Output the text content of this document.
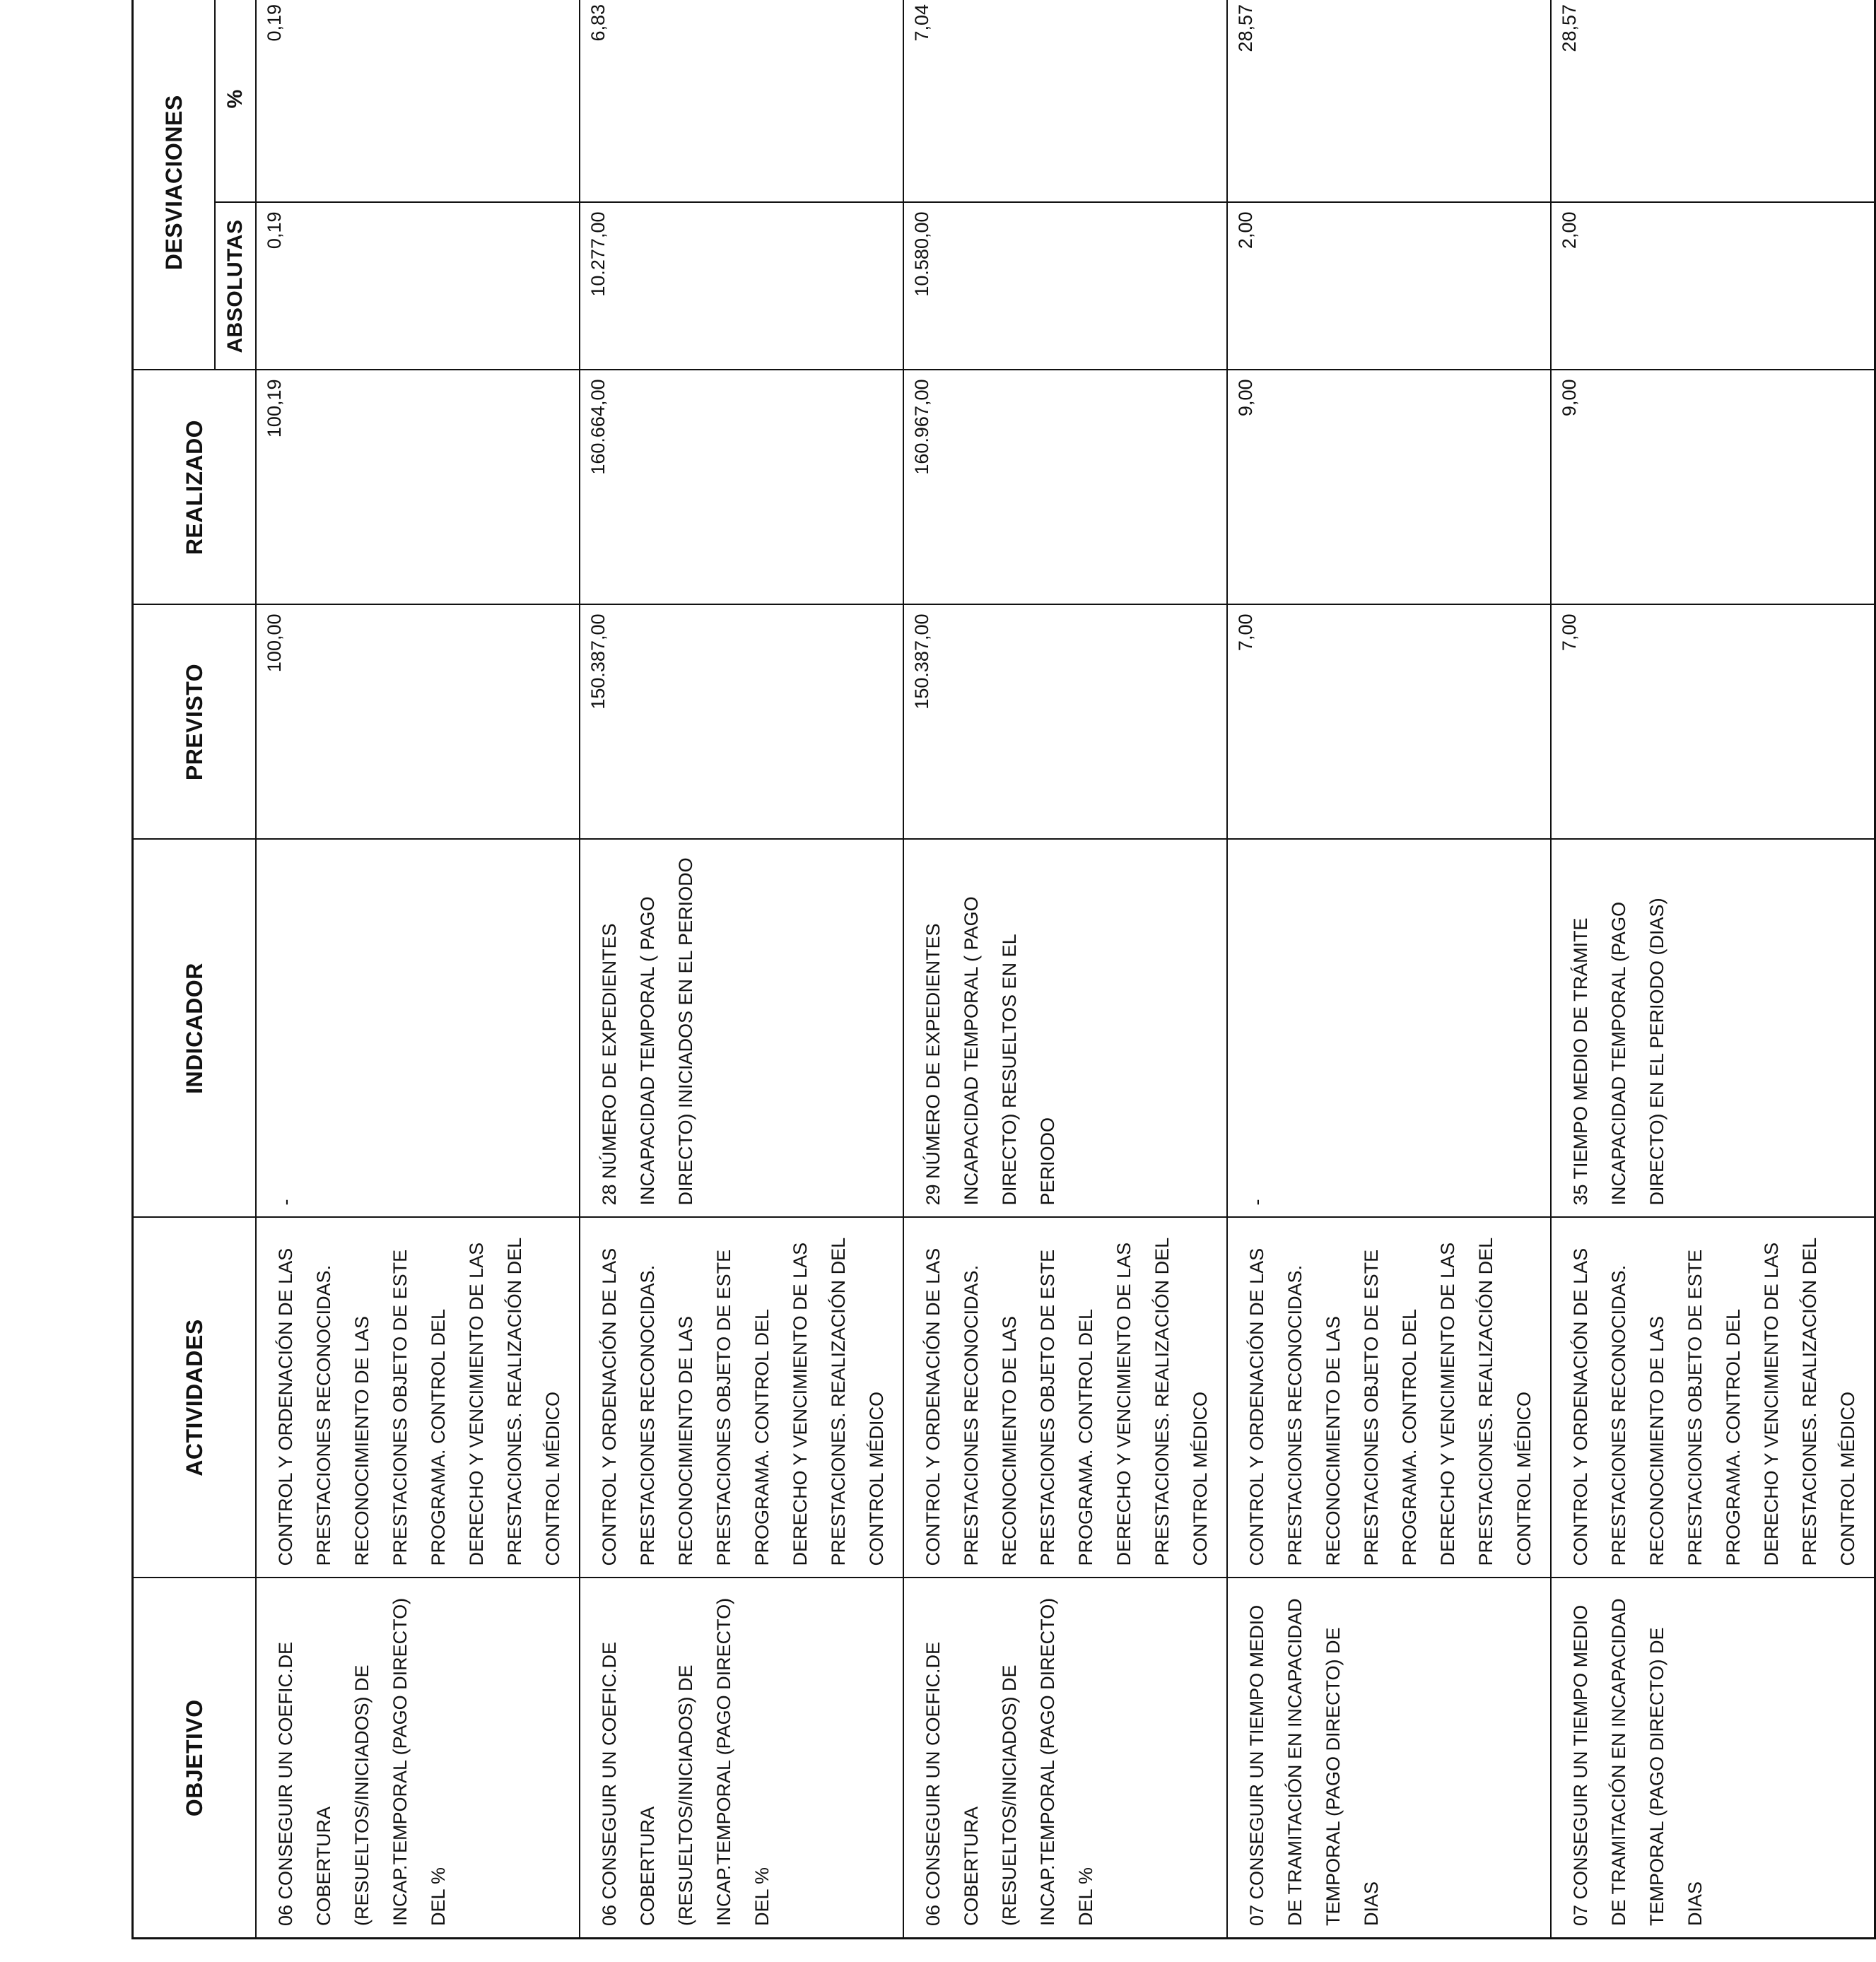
OBJETIVO	ACTIVIDADES	INDICADOR	PREVISTO	REALIZADO	DESVIACIONES	
					ABSOLUTAS	%

06 CONSEGUIR UN COEFIC.DE COBERTURA (RESUELTOS/INICIADOS) DE INCAP.TEMPORAL (PAGO DIRECTO) DEL %	CONTROL Y ORDENACIÓN DE LAS PRESTACIONES RECONOCIDAS. RECONOCIMIENTO DE LAS PRESTACIONES OBJETO DE ESTE PROGRAMA. CONTROL DEL DERECHO Y VENCIMIENTO DE LAS PRESTACIONES. REALIZACIÓN DEL CONTROL MÉDICO	-	100,00	100,19	0,19	0,19

06 CONSEGUIR UN COEFIC.DE COBERTURA (RESUELTOS/INICIADOS) DE INCAP.TEMPORAL (PAGO DIRECTO) DEL %	CONTROL Y ORDENACIÓN DE LAS PRESTACIONES RECONOCIDAS. RECONOCIMIENTO DE LAS PRESTACIONES OBJETO DE ESTE PROGRAMA. CONTROL DEL DERECHO Y VENCIMIENTO DE LAS PRESTACIONES. REALIZACIÓN DEL CONTROL MÉDICO	28 NÚMERO DE EXPEDIENTES INCAPACIDAD TEMPORAL ( PAGO DIRECTO) INICIADOS EN EL PERIODO	150.387,00	160.664,00	10.277,00	6,83

06 CONSEGUIR UN COEFIC.DE COBERTURA (RESUELTOS/INICIADOS) DE INCAP.TEMPORAL (PAGO DIRECTO) DEL %	CONTROL Y ORDENACIÓN DE LAS PRESTACIONES RECONOCIDAS. RECONOCIMIENTO DE LAS PRESTACIONES OBJETO DE ESTE PROGRAMA. CONTROL DEL DERECHO Y VENCIMIENTO DE LAS PRESTACIONES. REALIZACIÓN DEL CONTROL MÉDICO	29 NÚMERO DE EXPEDIENTES INCAPACIDAD TEMPORAL ( PAGO DIRECTO) RESUELTOS EN EL PERIODO	150.387,00	160.967,00	10.580,00	7,04

07 CONSEGUIR UN TIEMPO MEDIO DE TRAMITACIÓN EN INCAPACIDAD TEMPORAL (PAGO DIRECTO) DE DIAS	CONTROL Y ORDENACIÓN DE LAS PRESTACIONES RECONOCIDAS. RECONOCIMIENTO DE LAS PRESTACIONES OBJETO DE ESTE PROGRAMA. CONTROL DEL DERECHO Y VENCIMIENTO DE LAS PRESTACIONES. REALIZACIÓN DEL CONTROL MÉDICO	-	7,00	9,00	2,00	28,57

07 CONSEGUIR UN TIEMPO MEDIO DE TRAMITACIÓN EN INCAPACIDAD TEMPORAL (PAGO DIRECTO) DE DIAS	CONTROL Y ORDENACIÓN DE LAS PRESTACIONES RECONOCIDAS. RECONOCIMIENTO DE LAS PRESTACIONES OBJETO DE ESTE PROGRAMA. CONTROL DEL DERECHO Y VENCIMIENTO DE LAS PRESTACIONES. REALIZACIÓN DEL CONTROL MÉDICO	35 TIEMPO MEDIO DE TRÁMITE INCAPACIDAD TEMPORAL (PAGO DIRECTO) EN EL PERIODO (DIAS)	7,00	9,00	2,00	28,57
